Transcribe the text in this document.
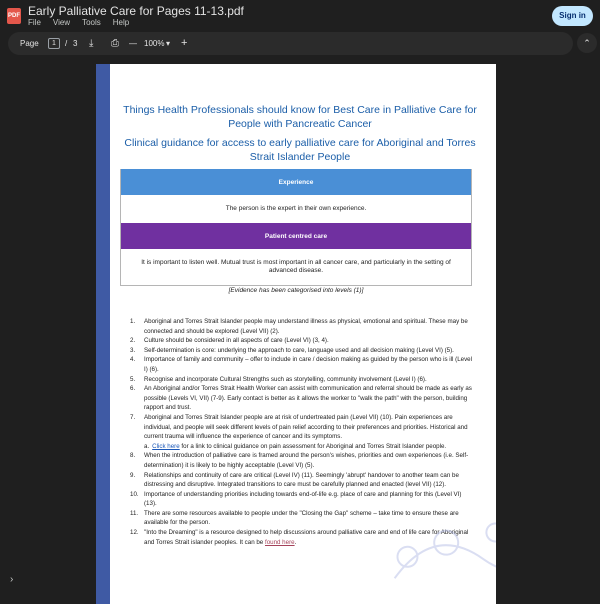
PDF Early Palliative Care for Pages 11-13.pdf
File View Tools Help
Sign in
Page	1	/ 3 ⤓ ⎙ — 100% ▾ +	⌃
›
Things Health Professionals should know for Best Care in Palliative Care for People with Pancreatic Cancer
Clinical guidance for access to early palliative care for Aboriginal and Torres Strait Islander People
Experience
The person is the expert in their own experience.
Patient centred care
It is important to listen well. Mutual trust is most important in all cancer care, and particularly in the setting of advanced disease.
[Evidence has been categorised into levels (1)]
1.	Aboriginal and Torres Strait Islander people may understand illness as physical, emotional and spiritual. These may be connected and should be explored (Level VII) (2).
2.	Culture should be considered in all aspects of care (Level VI) (3, 4).
3.	Self-determination is core: underlying the approach to care, language used and all decision making (Level VI) (5).
4.	Importance of family and community – offer to include in care / decision making as guided by the person who is ill (Level I) (6).
5.	Recognise and incorporate Cultural Strengths such as storytelling, community involvement (Level I) (6).
6.	An Aboriginal and/or Torres Strait Health Worker can assist with communication and referral should be made as early as possible (Levels VI, VII) (7-9). Early contact is better as it allows the worker to "walk the path" with the person, building rapport and trust.
7.	Aboriginal and Torres Strait Islander people are at risk of undertreated pain (Level VII) (10). Pain experiences are individual, and people will seek different levels of pain relief according to their preferences and priorities. Historical and current trauma will influence the experience of cancer and its symptoms.
a. Click here for a link to clinical guidance on pain assessment for Aboriginal and Torres Strait Islander people.
8.	When the introduction of palliative care is framed around the person's wishes, priorities and own experiences (i.e. Self-determination) it is likely to be highly acceptable (Level VI) (5).
9.	Relationships and continuity of care are critical (Level IV) (11). Seemingly 'abrupt' handover to another team can be distressing and disruptive. Integrated transitions to care must be carefully planned and enacted (level VII) (12).
10. Importance of understanding priorities including towards end-of-life e.g. place of care and planning for this (Level VI) (13).
11. There are some resources available to people under the "Closing the Gap" scheme – take time to ensure these are available for the person.
12. "Into the Dreaming" is a resource designed to help discussions around palliative care and end of life care for Aboriginal and Torres Strait islander peoples. It can be found here.
